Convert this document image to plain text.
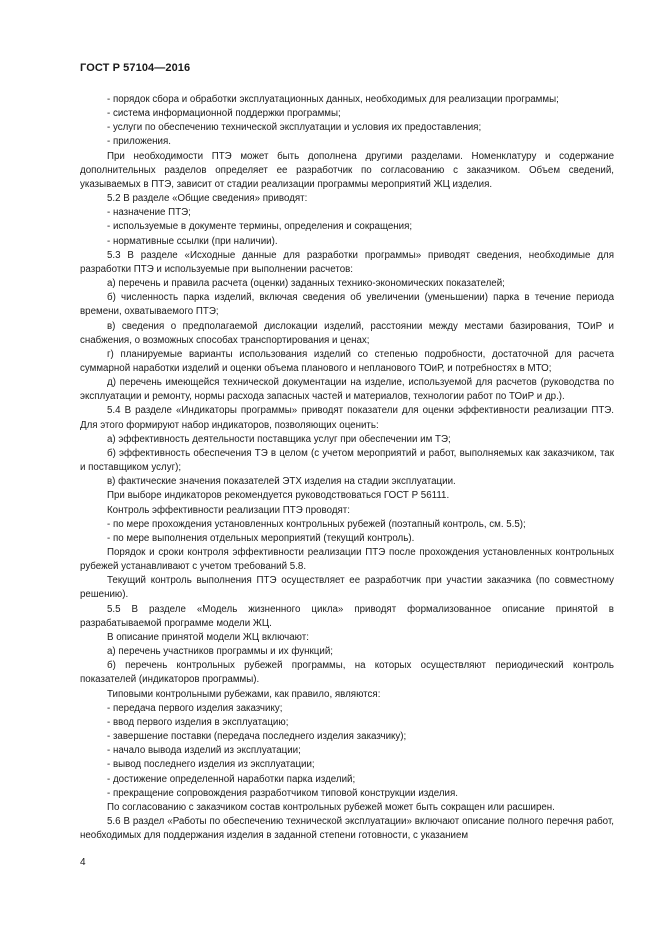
ГОСТ Р 57104—2016

- порядок сбора и обработки эксплуатационных данных, необходимых для реализации программы;

- система информационной поддержки программы;

- услуги по обеспечению технической эксплуатации и условия их предоставления;

- приложения.

При необходимости ПТЭ может быть дополнена другими разделами. Номенклатуру и содержание дополнительных разделов определяет ее разработчик по согласованию с заказчиком. Объем сведений, указываемых в ПТЭ, зависит от стадии реализации программы мероприятий ЖЦ изделия.

5.2 В разделе «Общие сведения» приводят:

- назначение ПТЭ;

- используемые в документе термины, определения и сокращения;

- нормативные ссылки (при наличии).

5.3 В разделе «Исходные данные для разработки программы» приводят сведения, необходимые для разработки ПТЭ и используемые при выполнении расчетов:

а) перечень и правила расчета (оценки) заданных технико-экономических показателей;

б) численность парка изделий, включая сведения об увеличении (уменьшении) парка в течение периода времени, охватываемого ПТЭ;

в) сведения о предполагаемой дислокации изделий, расстоянии между местами базирования, ТОиР и снабжения, о возможных способах транспортирования и ценах;

г) планируемые варианты использования изделий со степенью подробности, достаточной для расчета суммарной наработки изделий и оценки объема планового и непланового ТОиР, и потребностях в МТО;

д) перечень имеющейся технической документации на изделие, используемой для расчетов (руководства по эксплуатации и ремонту, нормы расхода запасных частей и материалов, технологии работ по ТОиР и др.).

5.4 В разделе «Индикаторы программы» приводят показатели для оценки эффективности реализации ПТЭ. Для этого формируют набор индикаторов, позволяющих оценить:

а) эффективность деятельности поставщика услуг при обеспечении им ТЭ;

б) эффективность обеспечения ТЭ в целом (с учетом мероприятий и работ, выполняемых как заказчиком, так и поставщиком услуг);

в) фактические значения показателей ЭТХ изделия на стадии эксплуатации.

При выборе индикаторов рекомендуется руководствоваться ГОСТ Р 56111.

Контроль эффективности реализации ПТЭ проводят:

- по мере прохождения установленных контрольных рубежей (поэтапный контроль, см. 5.5);

- по мере выполнения отдельных мероприятий (текущий контроль).

Порядок и сроки контроля эффективности реализации ПТЭ после прохождения установленных контрольных рубежей устанавливают с учетом требований 5.8.

Текущий контроль выполнения ПТЭ осуществляет ее разработчик при участии заказчика (по совместному решению).

5.5 В разделе «Модель жизненного цикла» приводят формализованное описание принятой в разрабатываемой программе модели ЖЦ.

В описание принятой модели ЖЦ включают:

а) перечень участников программы и их функций;

б) перечень контрольных рубежей программы, на которых осуществляют периодический контроль показателей (индикаторов программы).

Типовыми контрольными рубежами, как правило, являются:

- передача первого изделия заказчику;

- ввод первого изделия в эксплуатацию;

- завершение поставки (передача последнего изделия заказчику);

- начало вывода изделий из эксплуатации;

- вывод последнего изделия из эксплуатации;

- достижение определенной наработки парка изделий;

- прекращение сопровождения разработчиком типовой конструкции изделия.

По согласованию с заказчиком состав контрольных рубежей может быть сокращен или расширен.

5.6 В раздел «Работы по обеспечению технической эксплуатации» включают описание полного перечня работ, необходимых для поддержания изделия в заданной степени готовности, с указанием

4
